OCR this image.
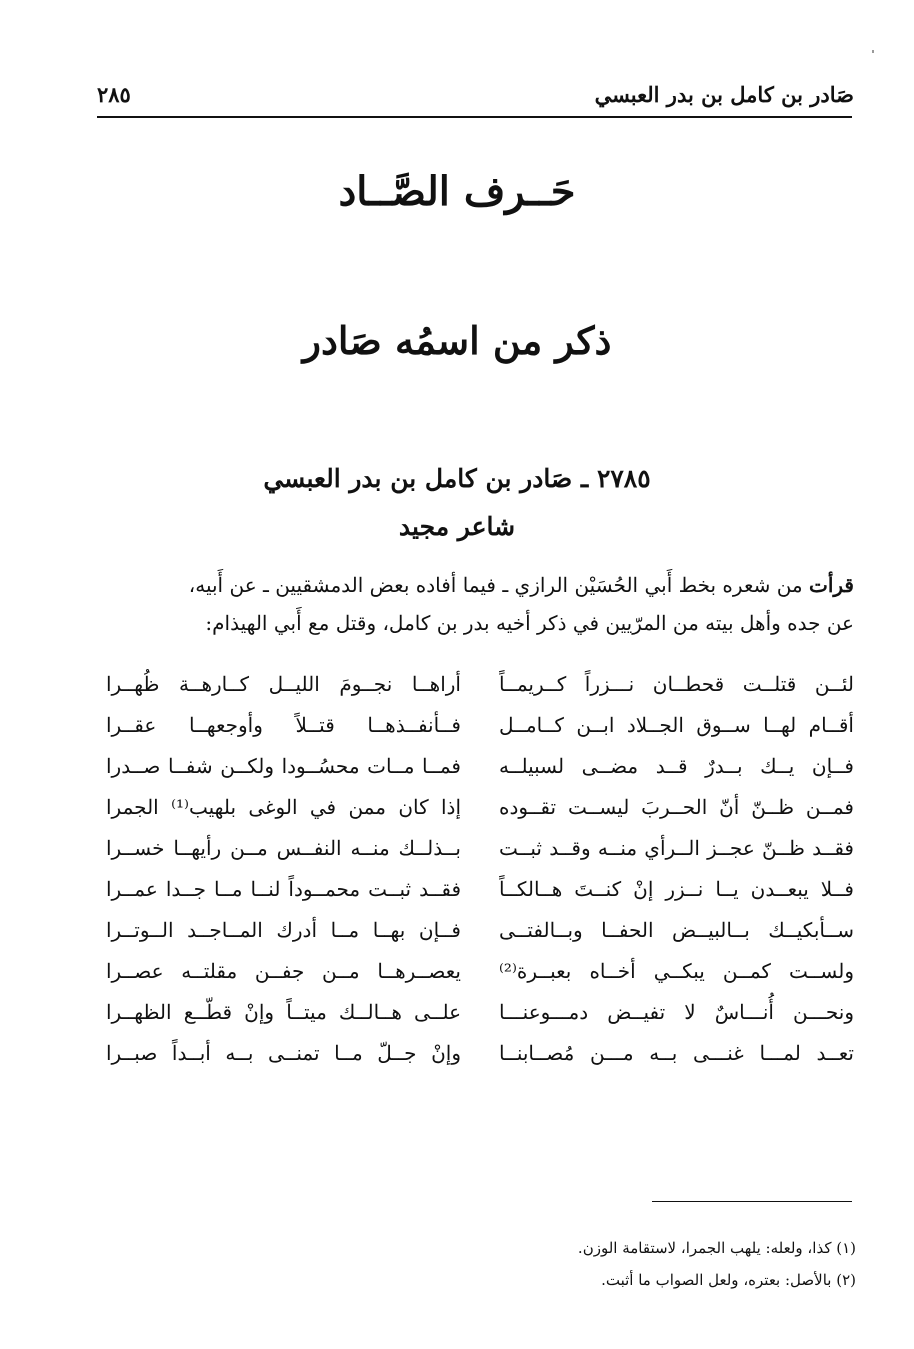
صَادر بن كامل بن بدر العبسي
٢٨٥
حَــرف الصَّــاد
ذكر من اسمُه صَادر
٢٧٨٥ ـ صَادر بن كامل بن بدر العبسي
شاعر مجيد
قرأت من شعره بخط أَبي الحُسَيْن الرازي ـ فيما أفاده بعض الدمشقيين ـ عن أَبيه،
عن جده وأهل بيته من المرّيين في ذكر أخيه بدر بن كامل، وقتل مع أَبي الهيذام:
لئــن قتلــت قحطــان نـــزراً كــريمــاً
أقــام لهــا ســوق الجــلاد ابــن كــامــل
فــإن يــك بــدرٌ قــد مضــى لسبيلــه
فمــن ظــنّ أنّ الحــربَ ليســت تقــوده
فقــد ظــنّ عجــز الــرأي منــه وقــد ثبــت
فــلا يبعــدن يــا نــزر إنْ كنــتَ هــالكــاً
ســأبكيــك بــالبيــض الحفــا وبــالفتــى
ولســت كمــن يبكــي أخــاه بعبــرة⁽²⁾
ونحـــن أُنـــاسٌ لا تفيــض دمـــوعنـــا
تعــد لمـــا غنـــى بــه مـــن مُصــابنــا
أراهــا نجــومَ الليــل كــارهــة ظُهــرا
فــأنفــذهــا قتــلاً وأوجعهــا عقــرا
فمــا مــات محسُــودا ولكــن شفــا صــدرا
إذا كان ممن في الوغى بلهيب⁽¹⁾ الجمرا
بــذلــك منــه النفــس مــن رأيهــا خســرا
فقــد ثبــت محمــوداً لنــا مــا جــدا عمــرا
فــإن بهــا مــا أدرك المــاجــد الــوتــرا
يعصــرهــا مــن جفــن مقلتــه عصــرا
علــى هــالــك ميتــاً وإنْ قطّــع الظهــرا
وإنْ جــلّ مــا تمنــى بــه أبــداً صبــرا
(١) كذا، ولعله: يلهب الجمرا، لاستقامة الوزن.
(٢) بالأصل: بعتره، ولعل الصواب ما أثبت.
